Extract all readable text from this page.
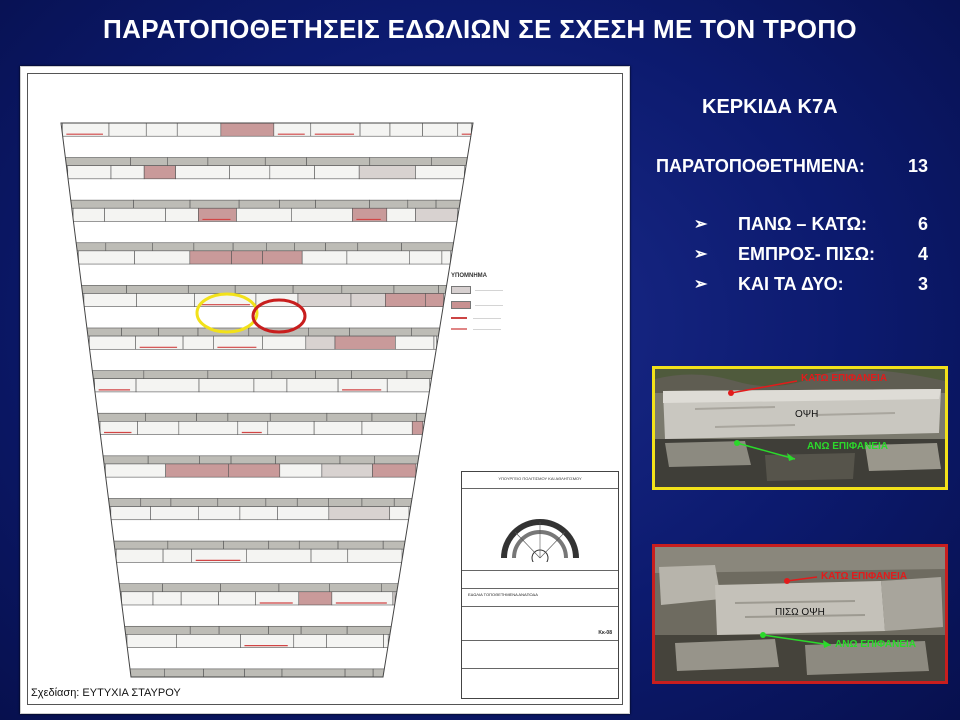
ΠΑΡΑΤΟΠΟΘΕΤΗΣΕΙΣ ΕΔΩΛΙΩΝ ΣΕ ΣΧΕΣΗ ΜΕ ΤΟΝ ΤΡΟΠΟ
ΥΠΟΜΝΗΜΑ
————————
————————
————————
————————
ΥΠΟΥΡΓΕΙΟ ΠΟΛΙΤΙΣΜΟΥ ΚΑΙ ΑΘΛΗΤΙΣΜΟΥ
ΕΔΩΛΙΑ ΤΟΠΟΘΕΤΗΜΕΝΑ ΑΝΑΠΟΔΑ
Κκ-08
Σχεδίαση: ΕΥΤΥΧΙΑ ΣΤΑΥΡΟΥ
ΚΕΡΚΙΔΑ Κ7Α
ΠΑΡΑΤΟΠΟΘΕΤΗΜΕΝΑ: 13
➢ ΠΑΝΩ – ΚΑΤΩ:	6
➢ ΕΜΠΡΟΣ- ΠΙΣΩ: 4
➢ ΚΑΙ ΤΑ ΔΥΟ:	3
ΚΑΤΩ ΕΠΙΦΑΝΕΙΑ
ΟΨΗ
ΑΝΩ ΕΠΙΦΑΝΕΙΑ
ΚΑΤΩ ΕΠΙΦΑΝΕΙΑ
ΠΙΣΩ ΟΨΗ
ΑΝΩ ΕΠΙΦΑΝΕΙΑ
